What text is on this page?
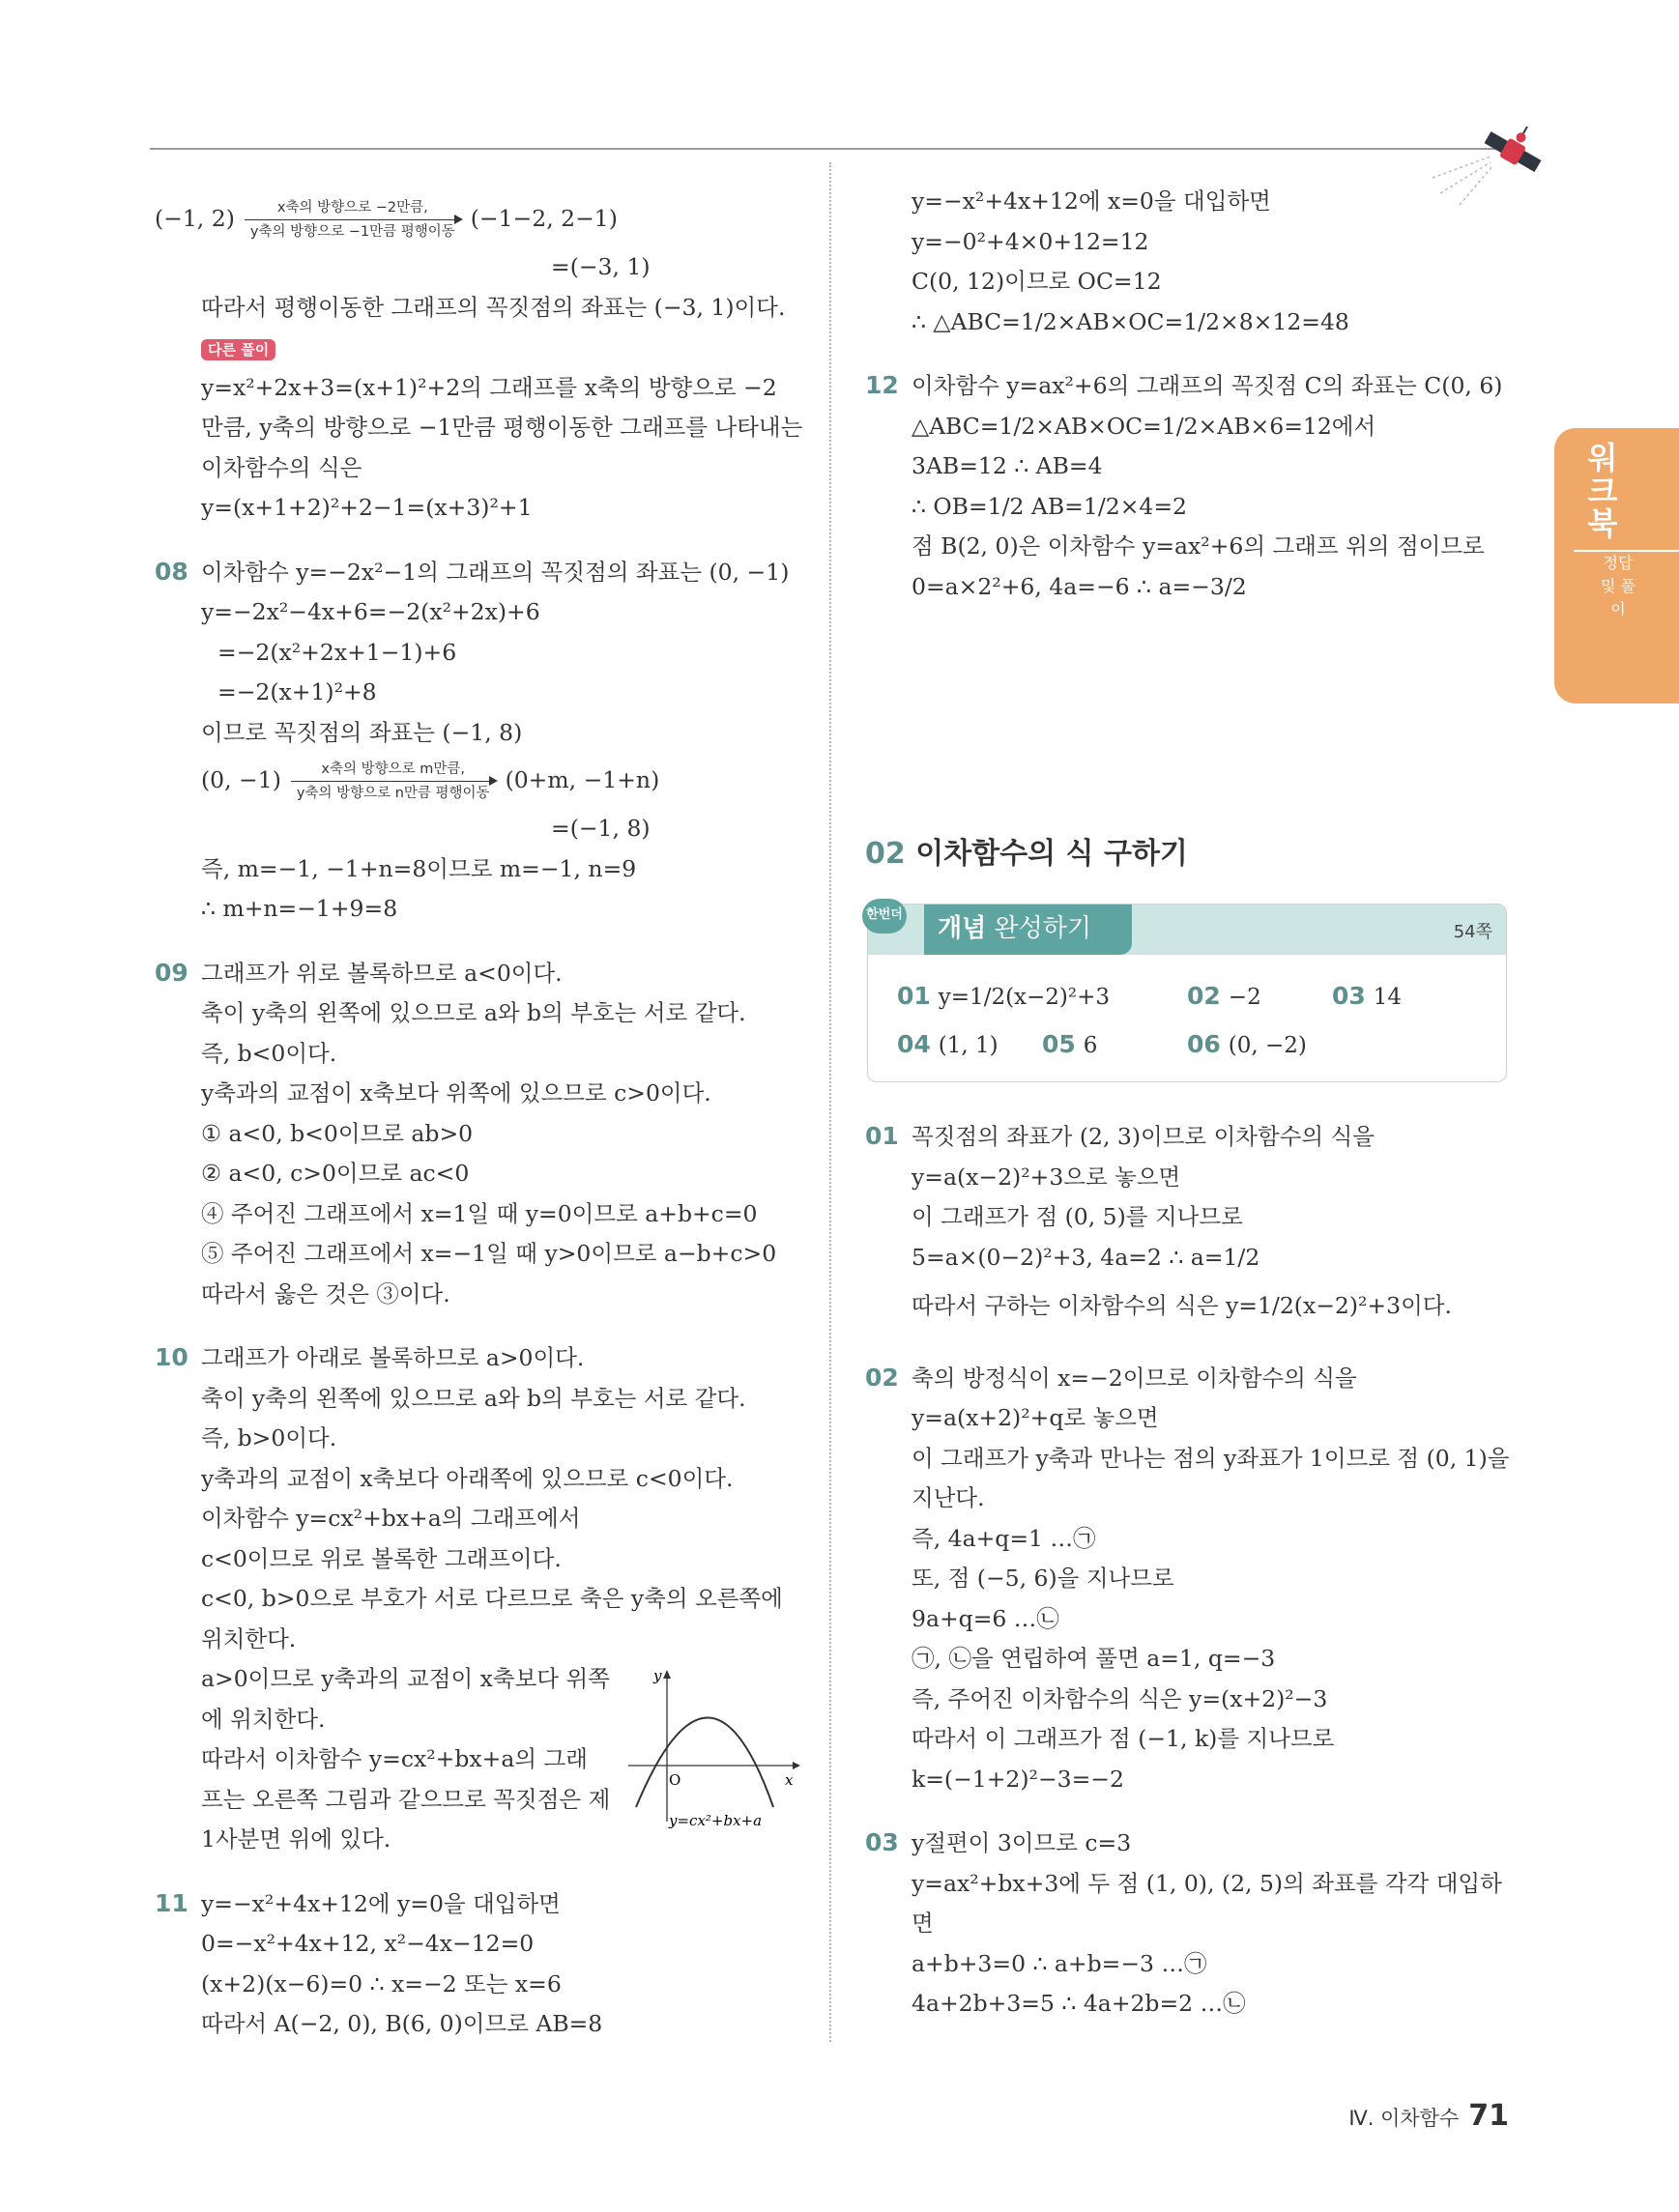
(−1, 2)	x축의 방향으로 −2만큼,
y축의 방향으로 −1만큼 평행이동 (−1−2, 2−1)
=(−3, 1)
따라서 평행이동한 그래프의 꼭짓점의 좌표는 (−3, 1)이다.
다른 풀이
y=x²+2x+3=(x+1)²+2의 그래프를 x축의 방향으로 −2
만큼, y축의 방향으로 −1만큼 평행이동한 그래프를 나타내는
이차함수의 식은
y=(x+1+2)²+2−1=(x+3)²+1
08 이차함수 y=−2x²−1의 그래프의 꼭짓점의 좌표는 (0, −1)
y=−2x²−4x+6=−2(x²+2x)+6
=−2(x²+2x+1−1)+6
=−2(x+1)²+8
이므로 꼭짓점의 좌표는 (−1, 8)
(0, −1)	x축의 방향으로 m만큼,
y축의 방향으로 n만큼 평행이동 (0+m, −1+n)
=(−1, 8)
즉, m=−1, −1+n=8이므로 m=−1, n=9
∴ m+n=−1+9=8
09 그래프가 위로 볼록하므로 a<0이다.
축이 y축의 왼쪽에 있으므로 a와 b의 부호는 서로 같다.
즉, b<0이다.
y축과의 교점이 x축보다 위쪽에 있으므로 c>0이다.
① a<0, b<0이므로 ab>0
② a<0, c>0이므로 ac<0
④ 주어진 그래프에서 x=1일 때 y=0이므로 a+b+c=0
⑤ 주어진 그래프에서 x=−1일 때 y>0이므로 a−b+c>0
따라서 옳은 것은 ③이다.
10 그래프가 아래로 볼록하므로 a>0이다.
축이 y축의 왼쪽에 있으므로 a와 b의 부호는 서로 같다.
즉, b>0이다.
y축과의 교점이 x축보다 아래쪽에 있으므로 c<0이다.
이차함수 y=cx²+bx+a의 그래프에서
c<0이므로 위로 볼록한 그래프이다.
c<0, b>0으로 부호가 서로 다르므로 축은 y축의 오른쪽에
위치한다.
a>0이므로 y축과의 교점이 x축보다 위쪽
에 위치한다.
따라서 이차함수 y=cx²+bx+a의 그래
프는 오른쪽 그림과 같으므로 꼭짓점은 제
1사분면 위에 있다.
11 y=−x²+4x+12에 y=0을 대입하면
0=−x²+4x+12, x²−4x−12=0
(x+2)(x−6)=0 ∴ x=−2 또는 x=6
따라서 A(−2, 0), B(6, 0)이므로 AB=8
y
x
O
y=cx²+bx+a
y=−x²+4x+12에 x=0을 대입하면
y=−0²+4×0+12=12
C(0, 12)이므로 OC=12
∴ △ABC=1/2×AB×OC=1/2×8×12=48
12 이차함수 y=ax²+6의 그래프의 꼭짓점 C의 좌표는 C(0, 6)
△ABC=1/2×AB×OC=1/2×AB×6=12에서
3AB=12 ∴ AB=4
∴ OB=1/2 AB=1/2×4=2
점 B(2, 0)은 이차함수 y=ax²+6의 그래프 위의 점이므로
0=a×2²+6, 4a=−6 ∴ a=−3/2
02 이차함수의 식 구하기
개념 완성하기
한번더
54쪽
01 y=1/2(x−2)²+3	02 −2	03 14
04 (1, 1) 05 6	06 (0, −2)
01 꼭짓점의 좌표가 (2, 3)이므로 이차함수의 식을
y=a(x−2)²+3으로 놓으면
이 그래프가 점 (0, 5)를 지나므로
5=a×(0−2)²+3, 4a=2 ∴ a=1/2
따라서 구하는 이차함수의 식은 y=1/2(x−2)²+3이다.
02 축의 방정식이 x=−2이므로 이차함수의 식을
y=a(x+2)²+q로 놓으면
이 그래프가 y축과 만나는 점의 y좌표가 1이므로 점 (0, 1)을
지난다.
즉, 4a+q=1 …㉠
또, 점 (−5, 6)을 지나므로
9a+q=6 …㉡
㉠, ㉡을 연립하여 풀면 a=1, q=−3
즉, 주어진 이차함수의 식은 y=(x+2)²−3
따라서 이 그래프가 점 (−1, k)를 지나므로
k=(−1+2)²−3=−2
03 y절편이 3이므로 c=3
y=ax²+bx+3에 두 점 (1, 0), (2, 5)의 좌표를 각각 대입하
면
a+b+3=0 ∴ a+b=−3 …㉠
4a+2b+3=5 ∴ 4a+2b=2 …㉡
워크북
정답 및 풀이
Ⅳ. 이차함수 71
